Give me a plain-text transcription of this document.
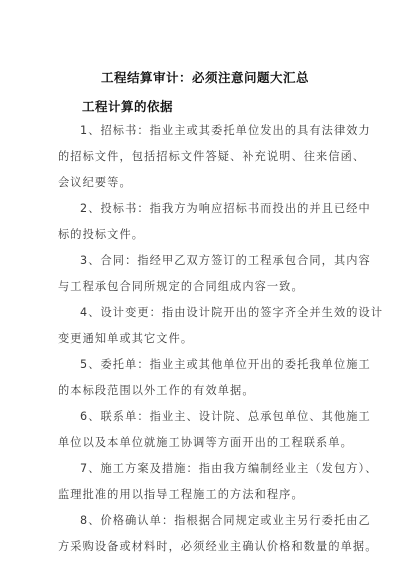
工程结算审计：必须注意问题大汇总
工程计算的依据

1、招标书：指业主或其委托单位发出的具有法律效力
的招标文件，包括招标文件答疑、补充说明、往来信函、
会议纪要等。

2、投标书：指我方为响应招标书而投出的并且已经中
标的投标文件。

3、合同：指经甲乙双方签订的工程承包合同，其内容
与工程承包合同所规定的合同组成内容一致。

4、设计变更：指由设计院开出的签字齐全并生效的设计
变更通知单或其它文件。

5、委托单：指业主或其他单位开出的委托我单位施工
的本标段范围以外工作的有效单据。

6、联系单：指业主、设计院、总承包单位、其他施工
单位以及本单位就施工协调等方面开出的工程联系单。

7、施工方案及措施：指由我方编制经业主（发包方）、
监理批准的用以指导工程施工的方法和程序。

8、价格确认单：指根据合同规定或业主另行委托由乙
方采购设备或材料时，必须经业主确认价格和数量的单据。
